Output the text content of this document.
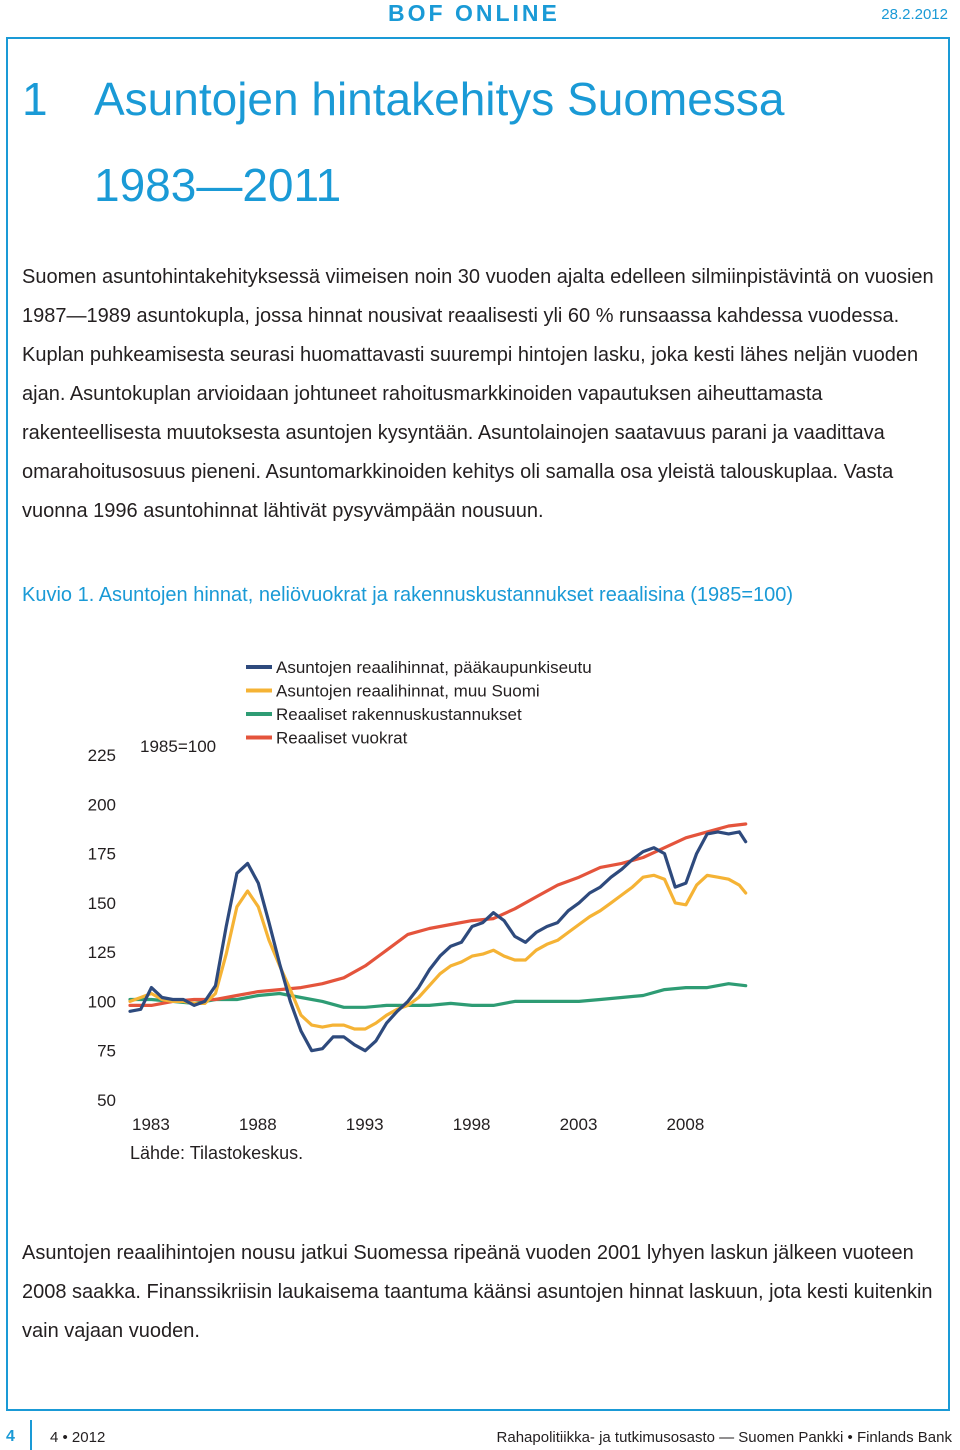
BOF ONLINE	28.2.2012
1 Asuntojen hintakehitys Suomessa
1983—2011

Suomen asuntohintakehityksessä viimeisen noin 30 vuoden ajalta edelleen silmiinpistävintä on vuosien 1987—1989 asuntokupla, jossa hinnat nousivat reaalisesti yli 60 % runsaassa kahdessa vuodessa. Kuplan puhkeamisesta seurasi huomattavasti suurempi hintojen lasku, joka kesti lähes neljän vuoden ajan. Asuntokuplan arvioidaan johtuneet rahoitusmarkkinoiden vapautuksen aiheuttamasta rakenteellisesta muutoksesta asuntojen kysyntään. Asuntolainojen saatavuus parani ja vaadittava omarahoitusosuus pieneni. Asuntomarkkinoiden kehitys oli samalla osa yleistä talouskuplaa. Vasta vuonna 1996 asuntohinnat lähtivät pysyvämpään nousuun.

Kuvio 1. Asuntojen hinnat, neliövuokrat ja rakennuskustannukset reaalisina (1985=100)
225
200
175
150
125
100
75
50
1983	1988	1993	1998	2003	2008
1985=100
Asuntojen reaalihinnat, pääkaupunkiseutu
Asuntojen reaalihinnat, muu Suomi
Reaaliset rakennuskustannukset
Reaaliset vuokrat
Lähde: Tilastokeskus.

Asuntojen reaalihintojen nousu jatkui Suomessa ripeänä vuoden 2001 lyhyen laskun jälkeen vuoteen 2008 saakka. Finanssikriisin laukaisema taantuma käänsi asuntojen hinnat laskuun, jota kesti kuitenkin vain vajaan vuoden.

4 4 • 2012	Rahapolitiikka- ja tutkimusosasto — Suomen Pankki • Finlands Bank
